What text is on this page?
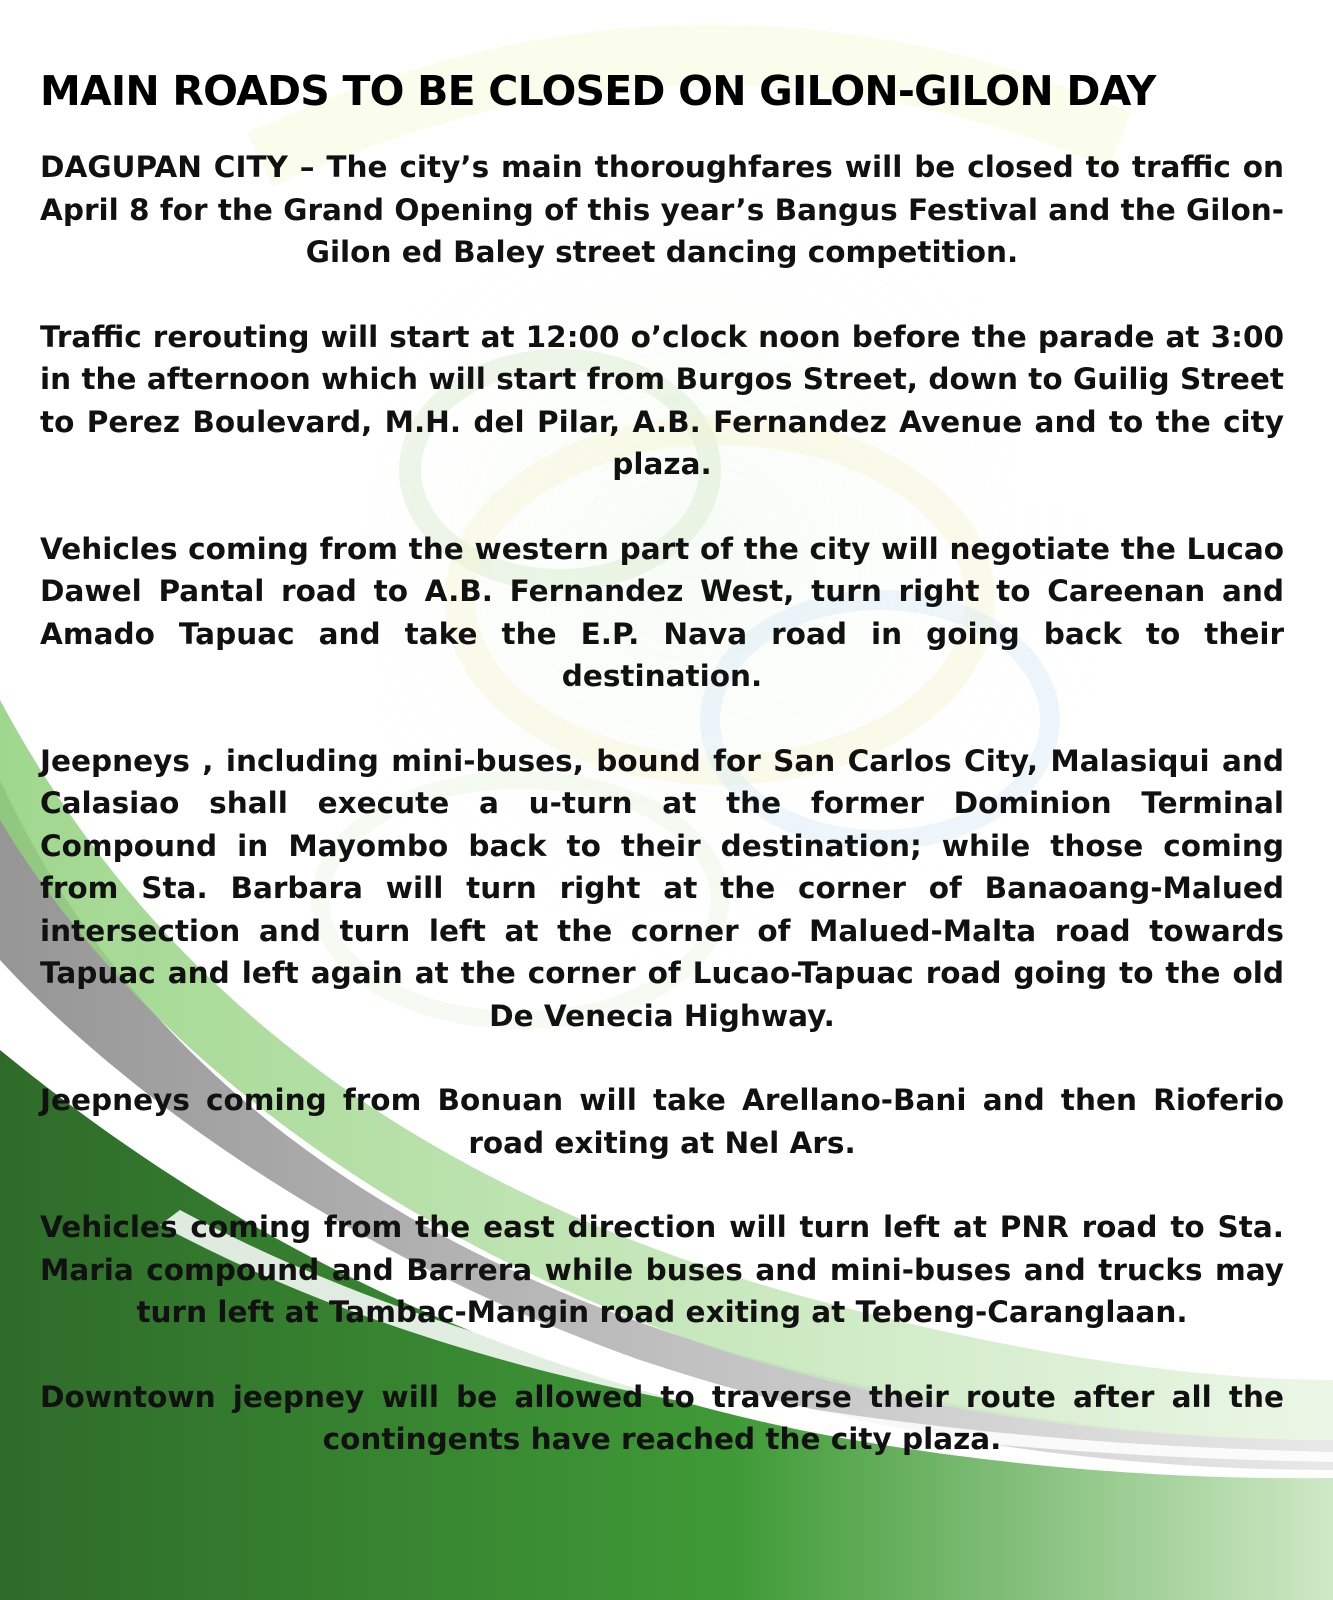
MAIN ROADS TO BE CLOSED ON GILON-GILON DAY

DAGUPAN CITY – The city’s main thoroughfares will be closed to traffic on April 8 for the Grand Opening of this year’s Bangus Festival and the Gilon-Gilon ed Baley street dancing competition.

Traffic rerouting will start at 12:00 o’clock noon before the parade at 3:00 in the afternoon which will start from Burgos Street, down to Guilig Street to Perez Boulevard, M.H. del Pilar, A.B. Fernandez Avenue and to the city plaza.

Vehicles coming from the western part of the city will negotiate the Lucao Dawel Pantal road to A.B. Fernandez West, turn right to Careenan and Amado Tapuac and take the E.P. Nava road in going back to their destination.

Jeepneys , including mini-buses, bound for San Carlos City, Malasiqui and Calasiao shall execute a u-turn at the former Dominion Terminal Compound in Mayombo back to their destination; while those coming from Sta. Barbara will turn right at the corner of Banaoang-Malued intersection and turn left at the corner of Malued-Malta road towards Tapuac and left again at the corner of Lucao-Tapuac road going to the old De Venecia Highway.

Jeepneys coming from Bonuan will take Arellano-Bani and then Rioferio road exiting at Nel Ars.

Vehicles coming from the east direction will turn left at PNR road to Sta. Maria compound and Barrera while buses and mini-buses and trucks may turn left at Tambac-Mangin road exiting at Tebeng-Caranglaan.

Downtown jeepney will be allowed to traverse their route after all the contingents have reached the city plaza.
